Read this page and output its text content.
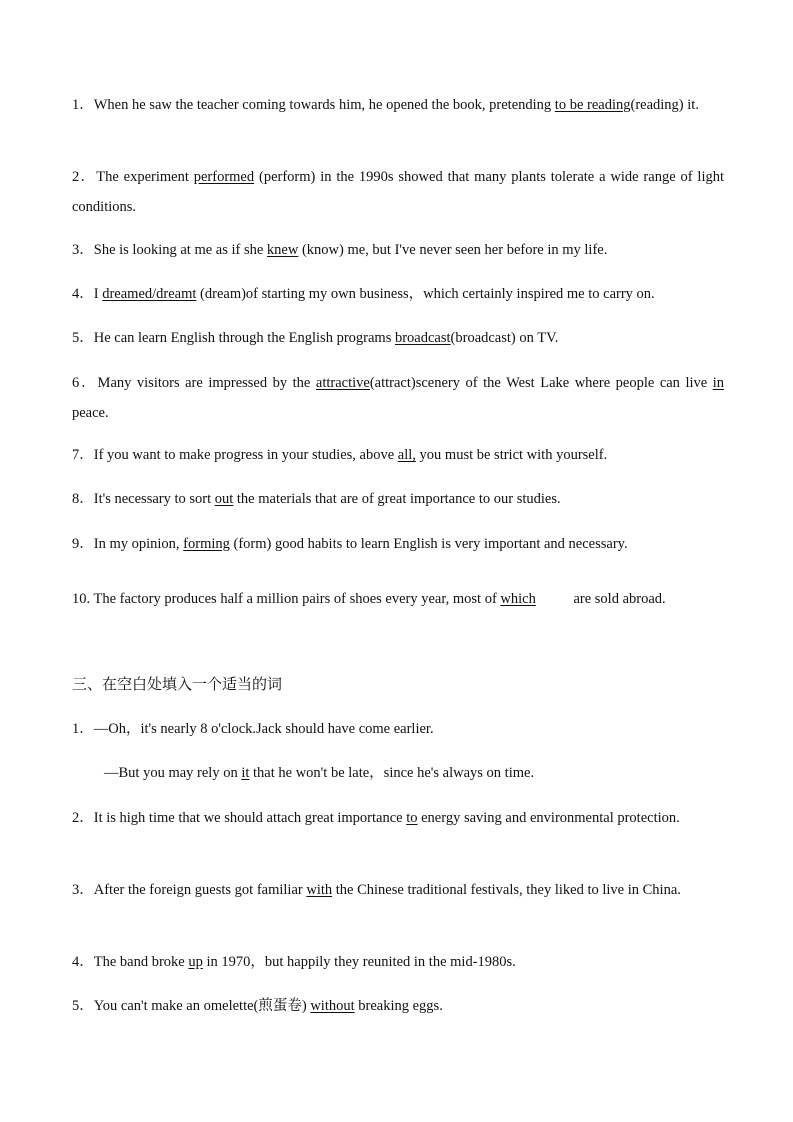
1．When he saw the teacher coming towards him, he opened the book, pretending to be reading(reading) it.

2．The experiment performed (perform) in the 1990s showed that many plants tolerate a wide range of light conditions.

3．She is looking at me as if she knew (know) me, but I've never seen her before in my life.

4．I dreamed/dreamt (dream)of starting my own business，which certainly inspired me to carry on.

5．He can learn English through the English programs broadcast(broadcast) on TV.

6．Many visitors are impressed by the attractive(attract)scenery of the West Lake where people can live in peace.

7．If you want to make progress in your studies, above all, you must be strict with yourself.

8．It's necessary to sort out the materials that are of great importance to our studies.

9．In my opinion, forming (form) good habits to learn English is very important and necessary.

10. The factory produces half a million pairs of shoes every year, most of which are sold abroad.

三、在空白处填入一个适当的词

1．—Oh，it's nearly 8 o'clock.Jack should have come earlier.

—But you may rely on it that he won't be late，since he's always on time.

2．It is high time that we should attach great importance to energy saving and environmental protection.

3．After the foreign guests got familiar with the Chinese traditional festivals, they liked to live in China.

4．The band broke up in 1970，but happily they reunited in the mid-1980s.

5．You can't make an omelette(煎蛋卷) without breaking eggs.
